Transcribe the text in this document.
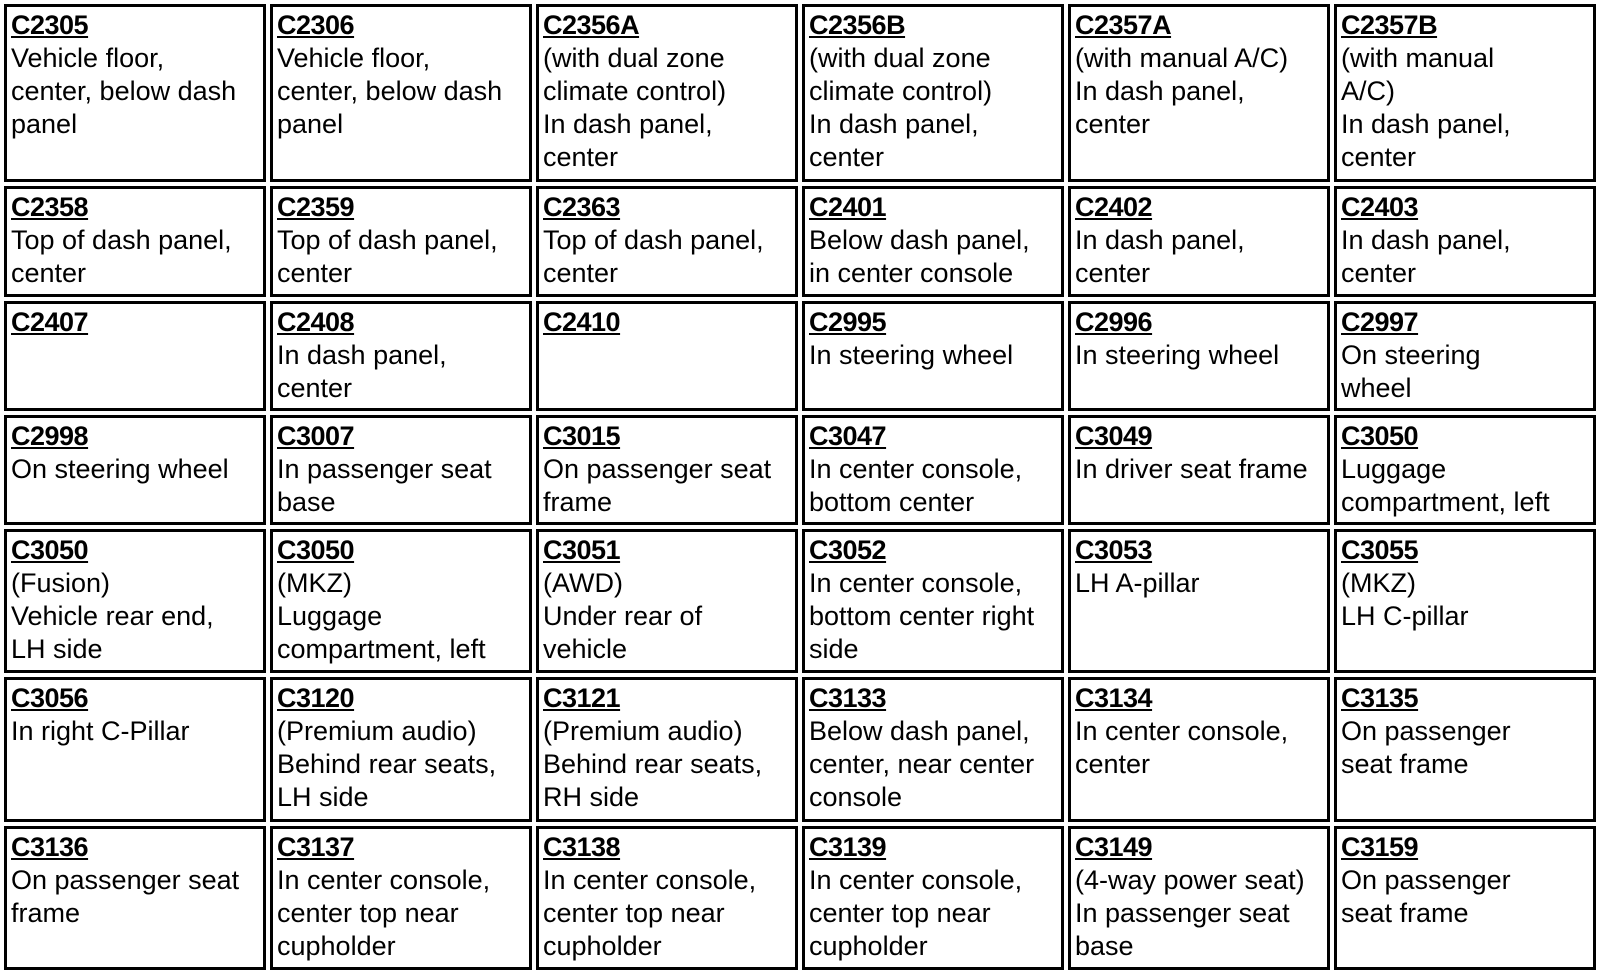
C2305
Vehicle floor,
center, below dash
panel	C2306
Vehicle floor,
center, below dash
panel	C2356A
(with dual zone
climate control)
In dash panel,
center	C2356B
(with dual zone
climate control)
In dash panel,
center	C2357A
(with manual A/C)
In dash panel,
center	C2357B
(with manual
A/C)
In dash panel,
center

C2358
Top of dash panel,
center	C2359
Top of dash panel,
center	C2363
Top of dash panel,
center	C2401
Below dash panel,
in center console	C2402
In dash panel,
center	C2403
In dash panel,
center

C2407	C2408
In dash panel,
center	C2410	C2995
In steering wheel	C2996
In steering wheel	C2997
On steering
wheel

C2998
On steering wheel	C3007
In passenger seat
base	C3015
On passenger seat
frame	C3047
In center console,
bottom center	C3049
In driver seat frame	C3050
Luggage
compartment, left

C3050
(Fusion)
Vehicle rear end,
LH side	C3050
(MKZ)
Luggage
compartment, left	C3051
(AWD)
Under rear of
vehicle	C3052
In center console,
bottom center right
side	C3053
LH A-pillar	C3055
(MKZ)
LH C-pillar

C3056
In right C-Pillar	C3120
(Premium audio)
Behind rear seats,
LH side	C3121
(Premium audio)
Behind rear seats,
RH side	C3133
Below dash panel,
center, near center
console	C3134
In center console,
center	C3135
On passenger
seat frame

C3136
On passenger seat
frame	C3137
In center console,
center top near
cupholder	C3138
In center console,
center top near
cupholder	C3139
In center console,
center top near
cupholder	C3149
(4-way power seat)
In passenger seat
base	C3159
On passenger
seat frame
